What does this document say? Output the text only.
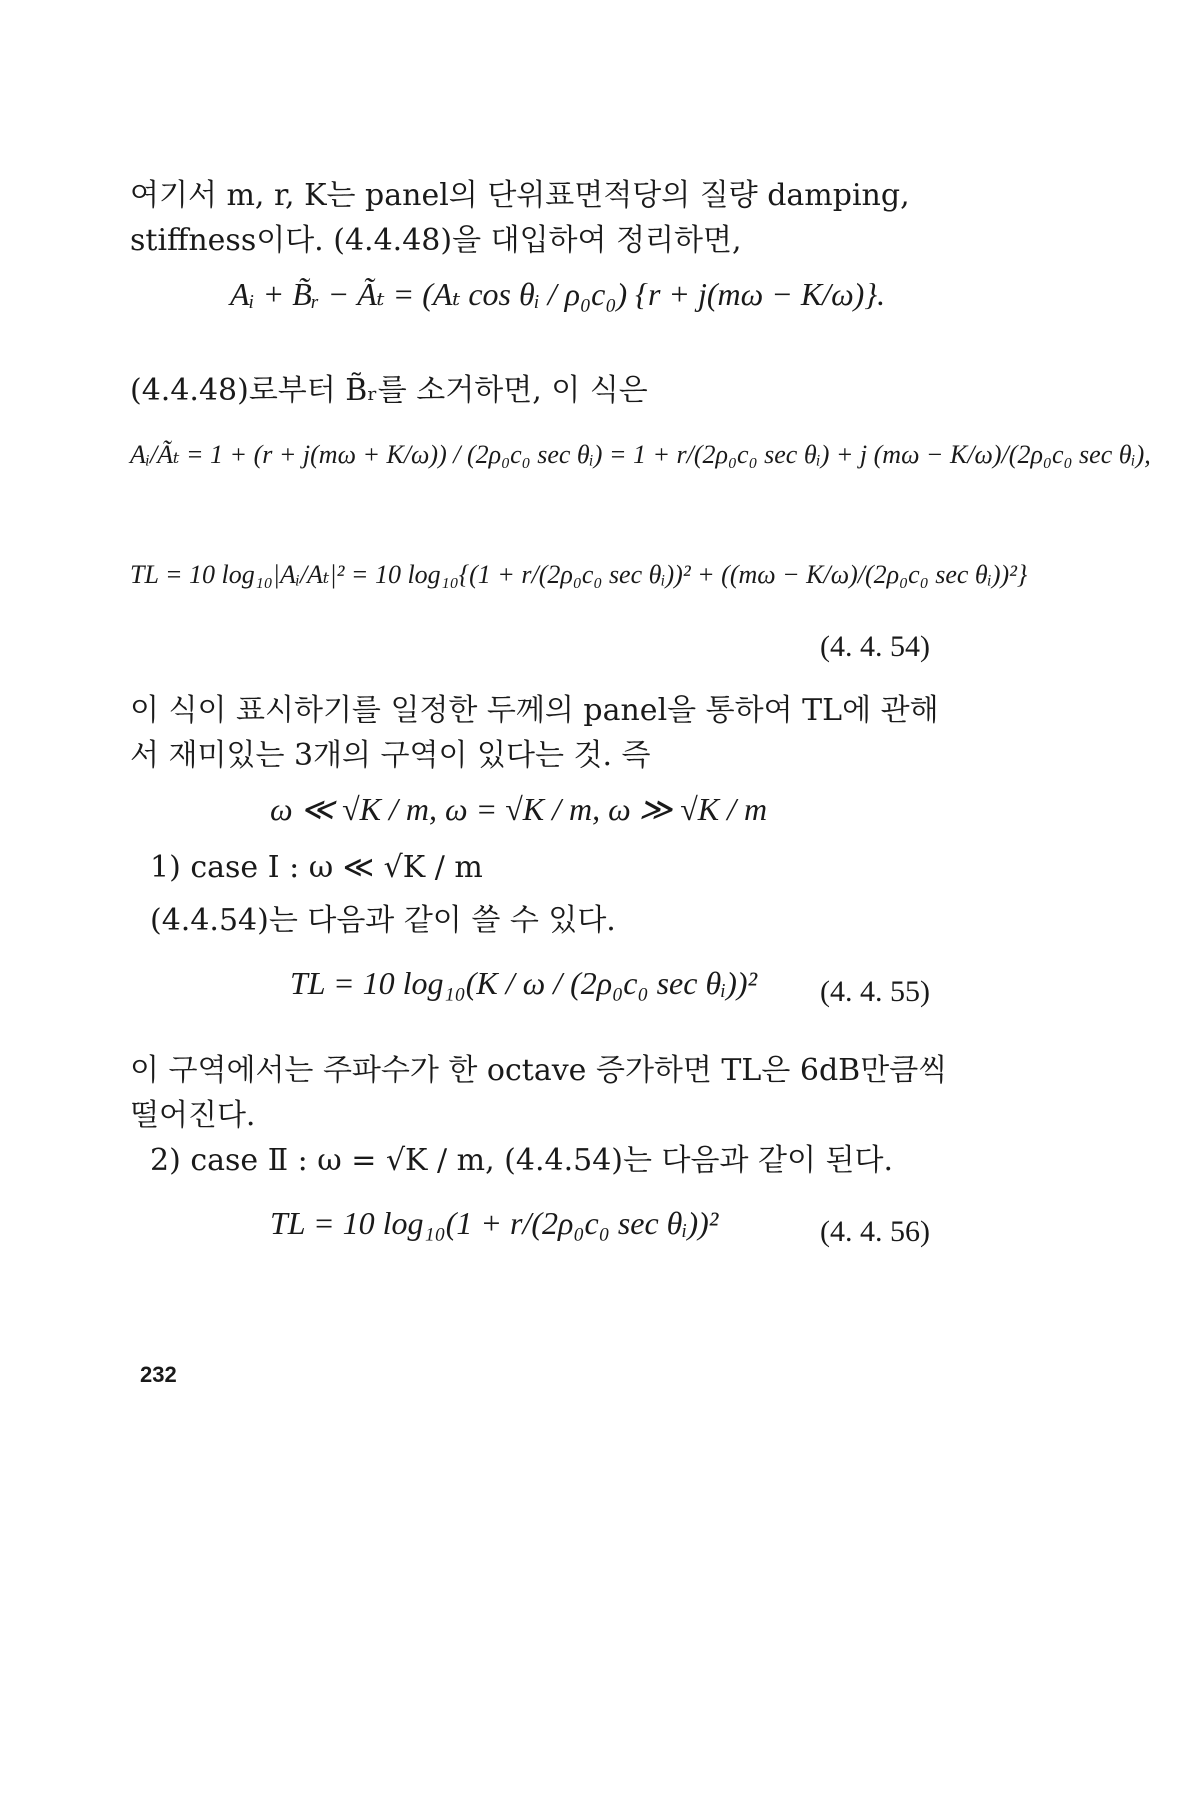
여기서 m, r, K는 panel의 단위표면적당의 질량 damping,
stiffness이다. (4.4.48)을 대입하여 정리하면,
Aᵢ + B̃ᵣ − Ãₜ = (Aₜ cos θᵢ / ρ₀c₀) {r + j(mω − K/ω)}.
(4.4.48)로부터 B̃ᵣ를 소거하면, 이 식은
Aᵢ/Ãₜ = 1 + (r + j(mω + K/ω)) / (2ρ₀c₀ sec θᵢ) = 1 + r/(2ρ₀c₀ sec θᵢ) + j (mω − K/ω)/(2ρ₀c₀ sec θᵢ),
TL = 10 log₁₀|Aᵢ/Aₜ|² = 10 log₁₀{(1 + r/(2ρ₀c₀ sec θᵢ))² + ((mω − K/ω)/(2ρ₀c₀ sec θᵢ))²}
(4. 4. 54)
이 식이 표시하기를 일정한 두께의 panel을 통하여 TL에 관해
서 재미있는 3개의 구역이 있다는 것. 즉
ω ≪ √K / m, ω = √K / m, ω ≫ √K / m
1) case Ⅰ : ω ≪ √K / m
(4.4.54)는 다음과 같이 쓸 수 있다.
TL = 10 log₁₀(K / ω / (2ρ₀c₀ sec θᵢ))² (4. 4. 55)
이 구역에서는 주파수가 한 octave 증가하면 TL은 6dB만큼씩
떨어진다.
2) case Ⅱ : ω = √K / m, (4.4.54)는 다음과 같이 된다.
TL = 10 log₁₀(1 + r/(2ρ₀c₀ sec θᵢ))²	(4. 4. 56)
232
